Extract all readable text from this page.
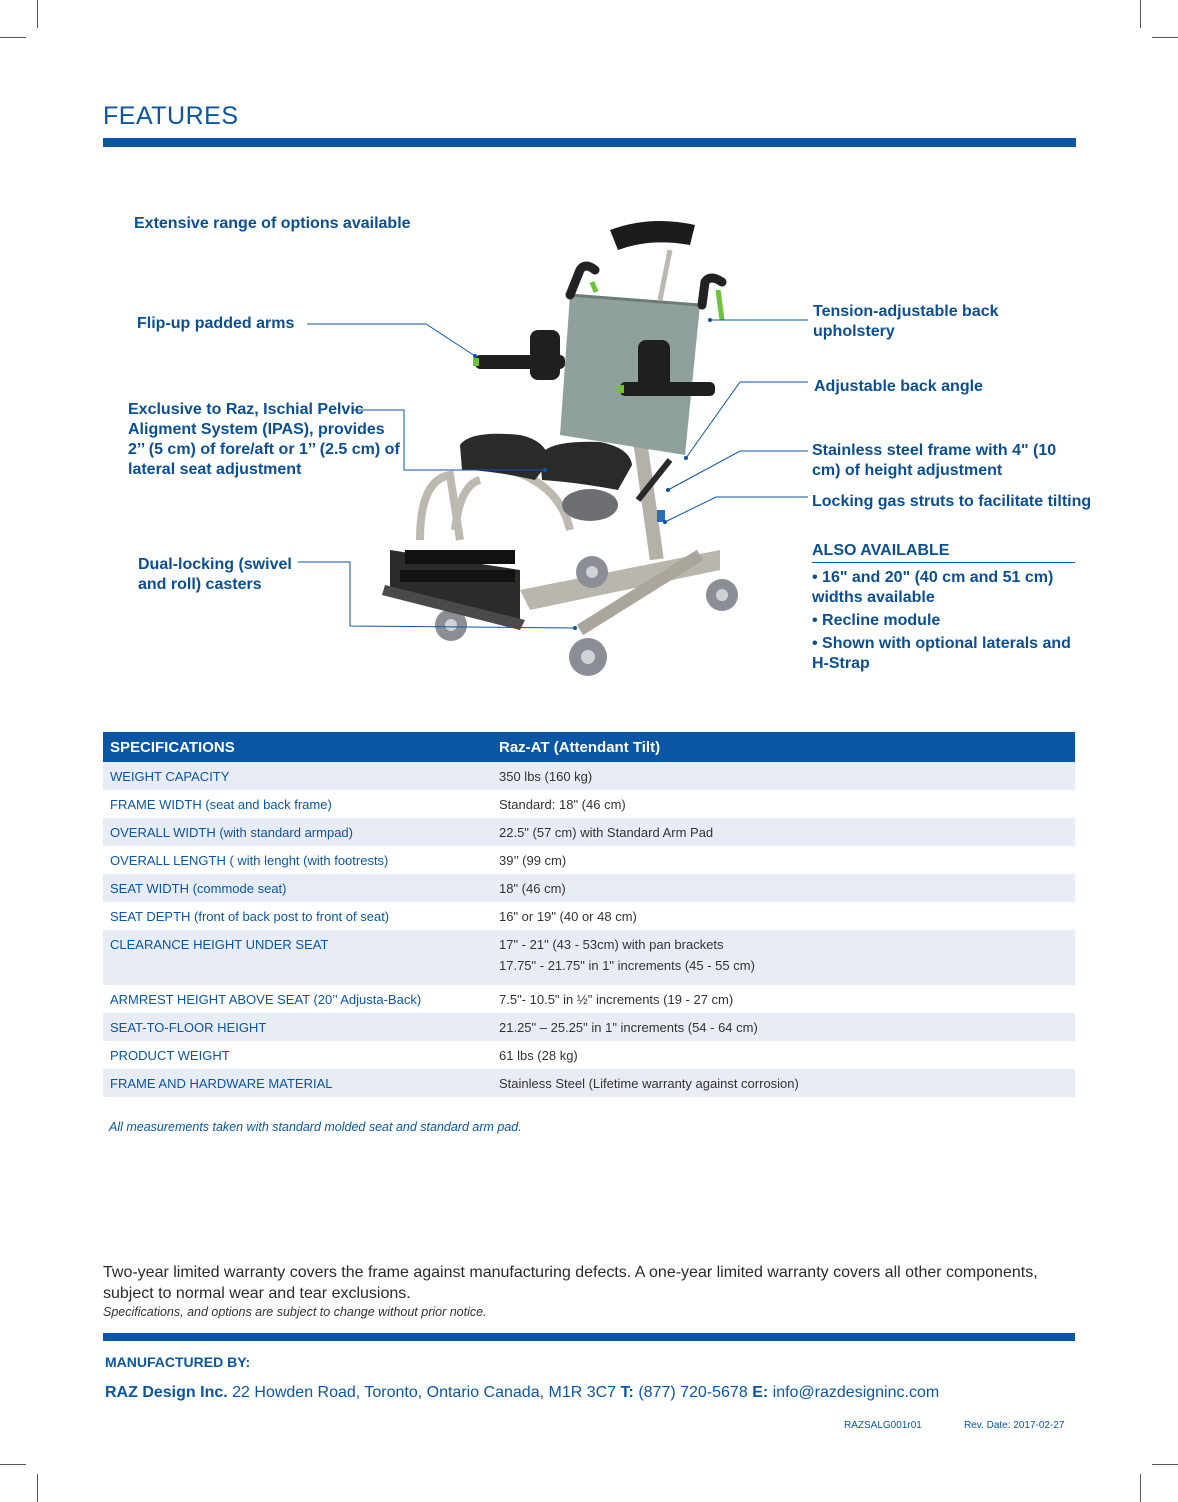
FEATURES
Extensive range of options available
Flip-up padded arms
Exclusive to Raz, Ischial Pelvic Aligment System (IPAS), provides 2’’ (5 cm) of fore/aft or 1’’ (2.5 cm) of lateral seat adjustment
Dual-locking (swivel and roll) casters
Tension-adjustable back upholstery
Adjustable back angle
Stainless steel frame with 4" (10 cm) of height adjustment
Locking gas struts to facilitate tilting
ALSO AVAILABLE
• 16" and 20" (40 cm and 51 cm) widths available
• Recline module
• Shown with optional laterals and H-Strap
SPECIFICATIONS	Raz-AT (Attendant Tilt)
WEIGHT CAPACITY	350 lbs (160 kg)
FRAME WIDTH (seat and back frame)	Standard: 18" (46 cm)
OVERALL WIDTH (with standard armpad)	22.5" (57 cm) with Standard Arm Pad
OVERALL LENGTH ( with lenght (with footrests)	39’’ (99 cm)
SEAT WIDTH (commode seat)	18" (46 cm)
SEAT DEPTH (front of back post to front of seat)	16" or 19" (40 or 48 cm)
CLEARANCE HEIGHT UNDER SEAT	17" - 21" (43 - 53cm) with pan brackets
17.75" - 21.75" in 1" increments (45 - 55 cm)

ARMREST HEIGHT ABOVE SEAT (20’’ Adjusta-Back)	7.5"- 10.5" in ½" increments (19 - 27 cm)
SEAT-TO-FLOOR HEIGHT	21.25" – 25.25" in 1" increments (54 - 64 cm)
PRODUCT WEIGHT	61 lbs (28 kg)
FRAME AND HARDWARE MATERIAL	Stainless Steel (Lifetime warranty against corrosion)
All measurements taken with standard molded seat and standard arm pad.
Two-year limited warranty covers the frame against manufacturing defects. A one-year limited warranty covers all other components, subject to normal wear and tear exclusions.
Specifications, and options are subject to change without prior notice.
MANUFACTURED BY:
RAZ Design Inc. 22 Howden Road, Toronto, Ontario Canada, M1R 3C7 T: (877) 720-5678 E: info@razdesigninc.com
RAZSALG001r01	Rev. Date: 2017-02-27
